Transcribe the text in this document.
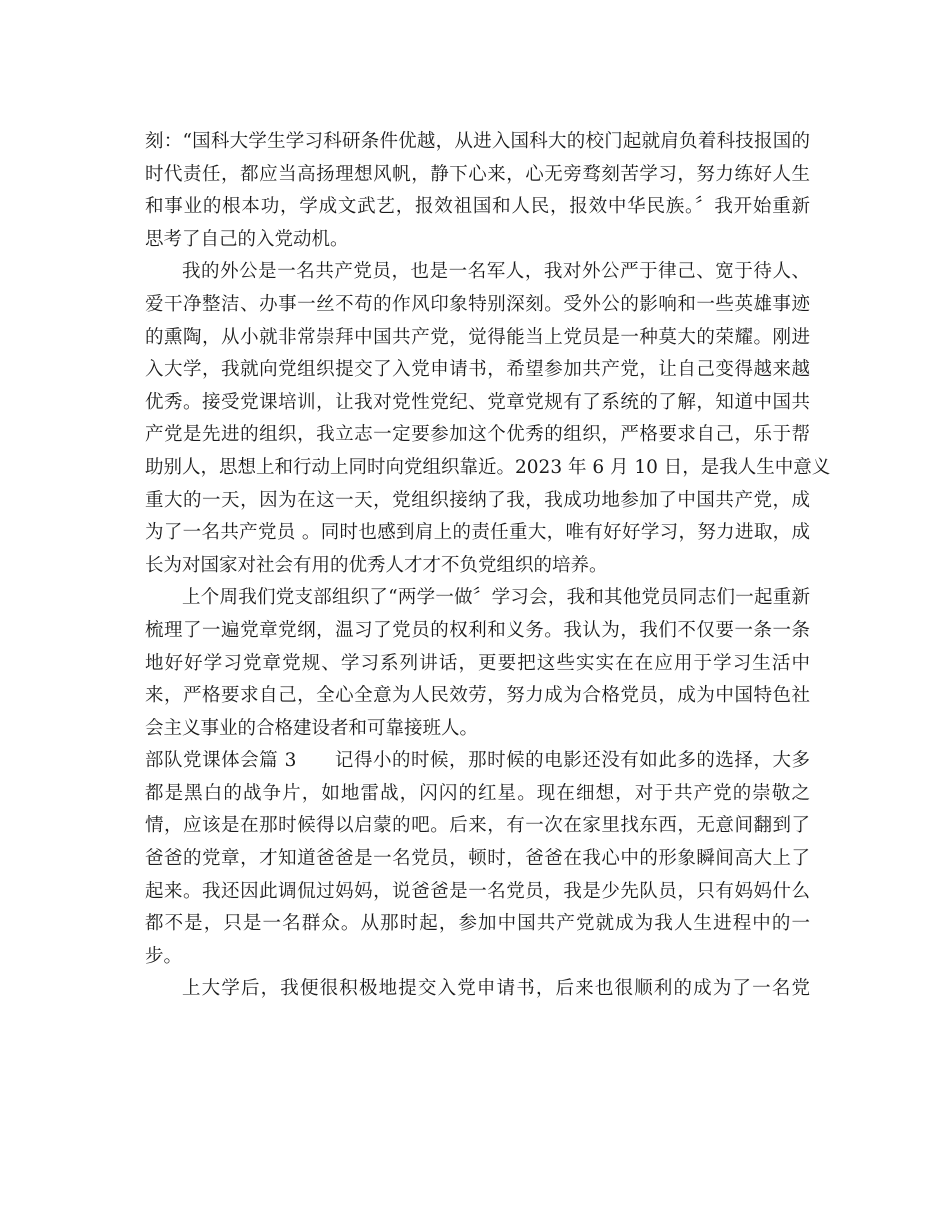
刻：“国科大学生学习科研条件优越，从进入国科大的校门起就肩负着科技报国的
时代责任，都应当高扬理想风帆，静下心来，心无旁骛刻苦学习，努力练好人生
和事业的根本功，学成文武艺，报效祖国和人民，报效中华民族。〞我开始重新
思考了自己的入党动机。
我的外公是一名共产党员，也是一名军人，我对外公严于律己、宽于待人、
爱干净整洁、办事一丝不苟的作风印象特别深刻。受外公的影响和一些英雄事迹
的熏陶，从小就非常崇拜中国共产党，觉得能当上党员是一种莫大的荣耀。刚进
入大学，我就向党组织提交了入党申请书，希望参加共产党，让自己变得越来越
优秀。接受党课培训，让我对党性党纪、党章党规有了系统的了解，知道中国共
产党是先进的组织，我立志一定要参加这个优秀的组织，严格要求自己，乐于帮
助别人，思想上和行动上同时向党组织靠近。2023 年 6 月 10 日，是我人生中意义
重大的一天，因为在这一天，党组织接纳了我，我成功地参加了中国共产党，成
为了一名共产党员 。同时也感到肩上的责任重大，唯有好好学习，努力进取，成
长为对国家对社会有用的优秀人才才不负党组织的培养。
上个周我们党支部组织了“两学一做〞学习会，我和其他党员同志们一起重新
梳理了一遍党章党纲，温习了党员的权利和义务。我认为，我们不仅要一条一条
地好好学习党章党规、学习系列讲话，更要把这些实实在在应用于学习生活中
来，严格要求自己，全心全意为人民效劳，努力成为合格党员，成为中国特色社
会主义事业的合格建设者和可靠接班人。
部队党课体会篇 3　　记得小的时候，那时候的电影还没有如此多的选择，大多
都是黑白的战争片，如地雷战，闪闪的红星。现在细想，对于共产党的崇敬之
情，应该是在那时候得以启蒙的吧。后来，有一次在家里找东西，无意间翻到了
爸爸的党章，才知道爸爸是一名党员，顿时，爸爸在我心中的形象瞬间高大上了
起来。我还因此调侃过妈妈，说爸爸是一名党员，我是少先队员，只有妈妈什么
都不是，只是一名群众。从那时起，参加中国共产党就成为我人生进程中的一
步。
上大学后，我便很积极地提交入党申请书，后来也很顺利的成为了一名党
